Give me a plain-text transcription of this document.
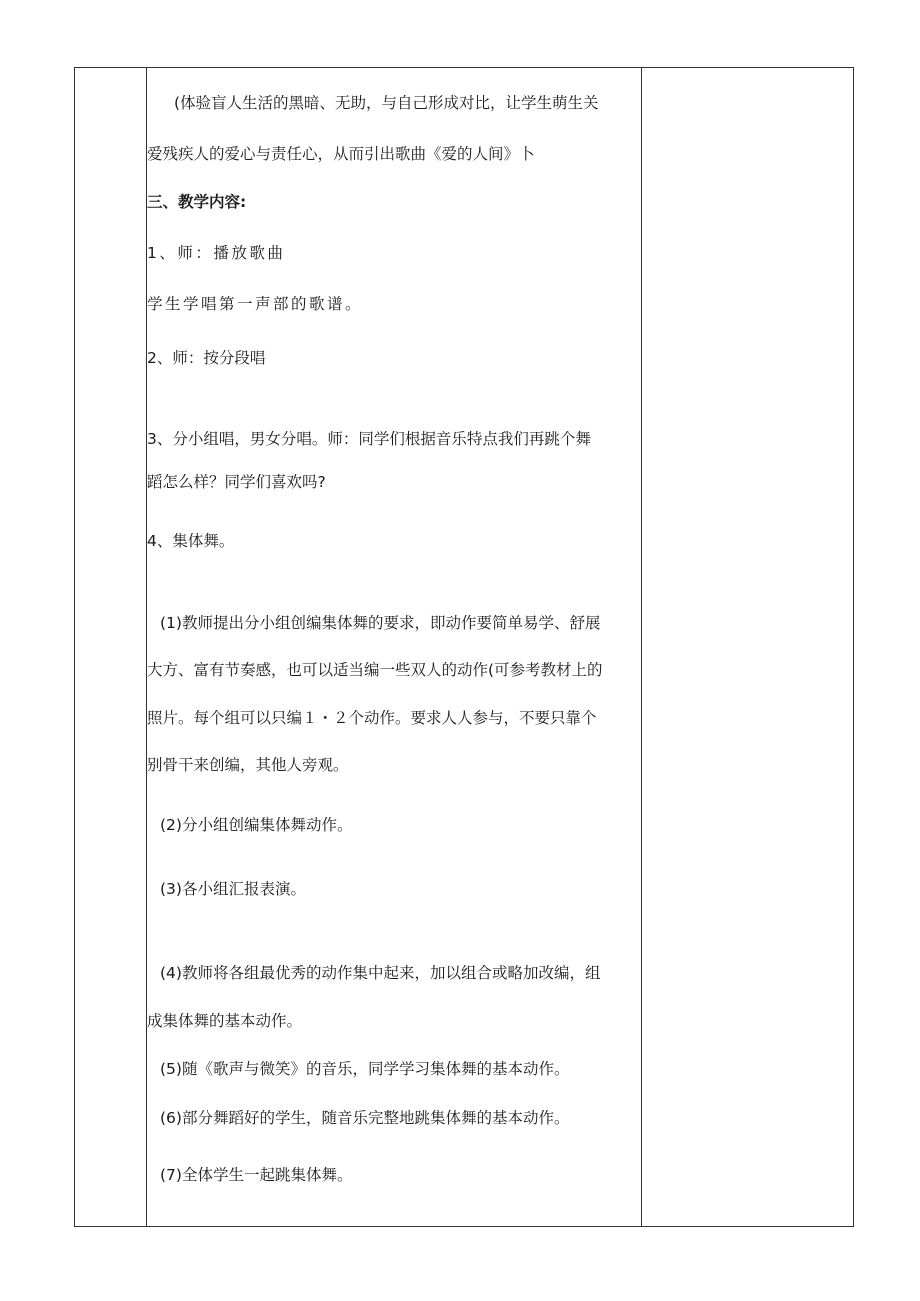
(体验盲人生活的黑暗、无助，与自己形成对比，让学生萌生关
爱残疾人的爱心与责任心，从而引出歌曲《爱的人间》卜
三、教学内容:
1、师：播放歌曲
学生学唱第一声部的歌谱。
2、师：按分段唱
3、分小组唱，男女分唱。师：同学们根据音乐特点我们再跳个舞
蹈怎么样？同学们喜欢吗?
4、集体舞。
(1)教师提出分小组创编集体舞的要求，即动作要简单易学、舒展
大方、富有节奏感，也可以适当编一些双人的动作(可参考教材上的
照片。每个组可以只编１・２个动作。要求人人参与，不要只靠个
别骨干来创编，其他人旁观。
(2)分小组创编集体舞动作。
(3)各小组汇报表演。
(4)教师将各组最优秀的动作集中起来，加以组合或略加改编，组
成集体舞的基本动作。
(5)随《歌声与微笑》的音乐，同学学习集体舞的基本动作。
(6)部分舞蹈好的学生，随音乐完整地跳集体舞的基本动作。
(7)全体学生一起跳集体舞。
